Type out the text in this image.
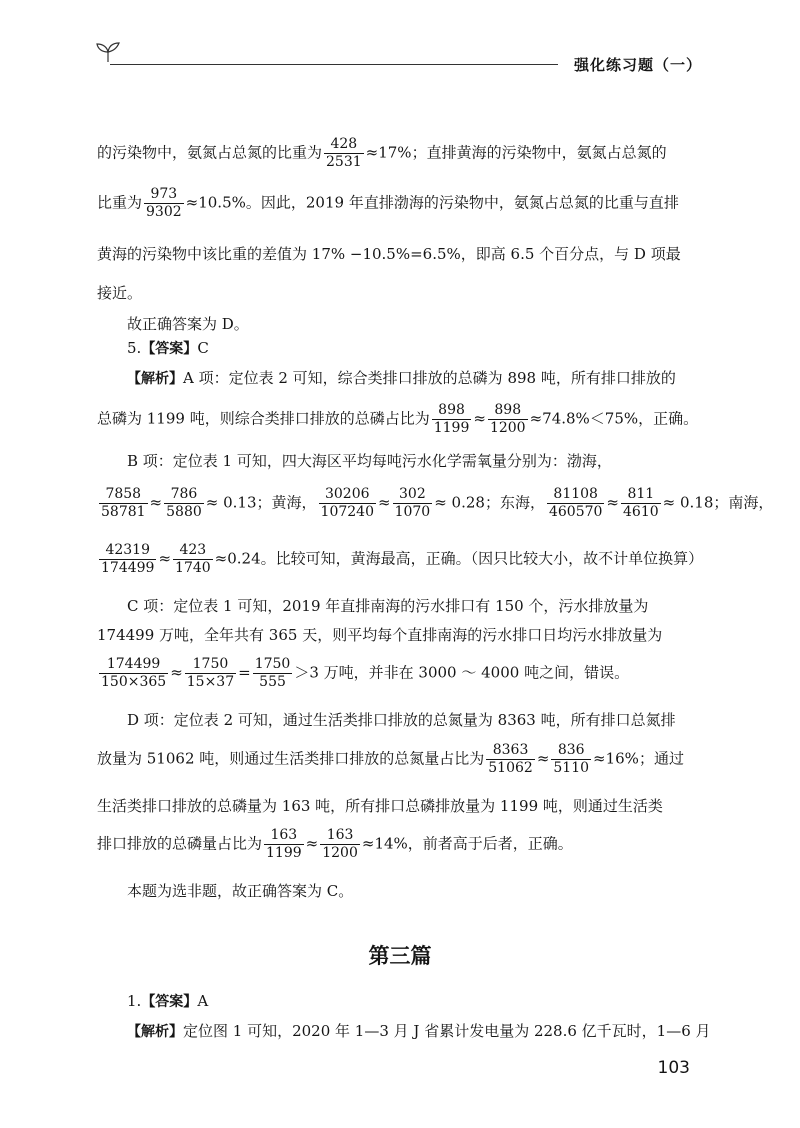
强化练习题（一）
的污染物中，氨氮占总氮的比重为 $\frac{428}{2531} \approx 17\%$；直排黄海的污染物中，氨氮占总氮的
比重为 $\frac{973}{9302} \approx 10.5\%$。因此，2019 年直排渤海的污染物中，氨氮占总氮的比重与直排
黄海的污染物中该比重的差值为 17% −10.5%=6.5%，即高 6.5 个百分点，与 D 项最
接近。
故正确答案为 D。
5.【答案】C
【解析】A 项：定位表 2 可知，综合类排口排放的总磷为 898 吨，所有排口排放的
总磷为 1199 吨，则综合类排口排放的总磷占比为 $\frac{898}{1199} \approx \frac{898}{1200} \approx 74.8\%<75\%$，正确。
B 项：定位表 1 可知，四大海区平均每吨污水化学需氧量分别为：渤海，
$\frac{7858}{58781} \approx \frac{786}{5880} \approx 0.13$；黄海， $\frac{30206}{107240} \approx \frac{302}{1070} \approx 0.28$；东海， $\frac{81108}{460570} \approx \frac{811}{4610} \approx 0.18$；南海，
$\frac{42319}{174499} \approx \frac{423}{1740} \approx 0.24$。比较可知，黄海最高，正确。（因只比较大小，故不计单位换算）
C 项：定位表 1 可知，2019 年直排南海的污水排口有 150 个，污水排放量为
174499 万吨，全年共有 365 天，则平均每个直排南海的污水排口日均污水排放量为
$\frac{174499}{150\times 365} \approx \frac{1750}{15\times 37} = \frac{1750}{555} >3$ 万吨，并非在 3000 ～ 4000 吨之间，错误。
D 项：定位表 2 可知，通过生活类排口排放的总氮量为 8363 吨，所有排口总氮排
放量为 51062 吨，则通过生活类排口排放的总氮量占比为 $\frac{8363}{51062} \approx \frac{836}{5110} \approx 16\%$；通过
生活类排口排放的总磷量为 163 吨，所有排口总磷排放量为 1199 吨，则通过生活类
排口排放的总磷量占比为 $\frac{163}{1199} \approx \frac{163}{1200} \approx 14\%$，前者高于后者，正确。
本题为选非题，故正确答案为 C。
第三篇
1.【答案】A
【解析】定位图 1 可知，2020 年 1—3 月 J 省累计发电量为 228.6 亿千瓦时，1—6 月
103
